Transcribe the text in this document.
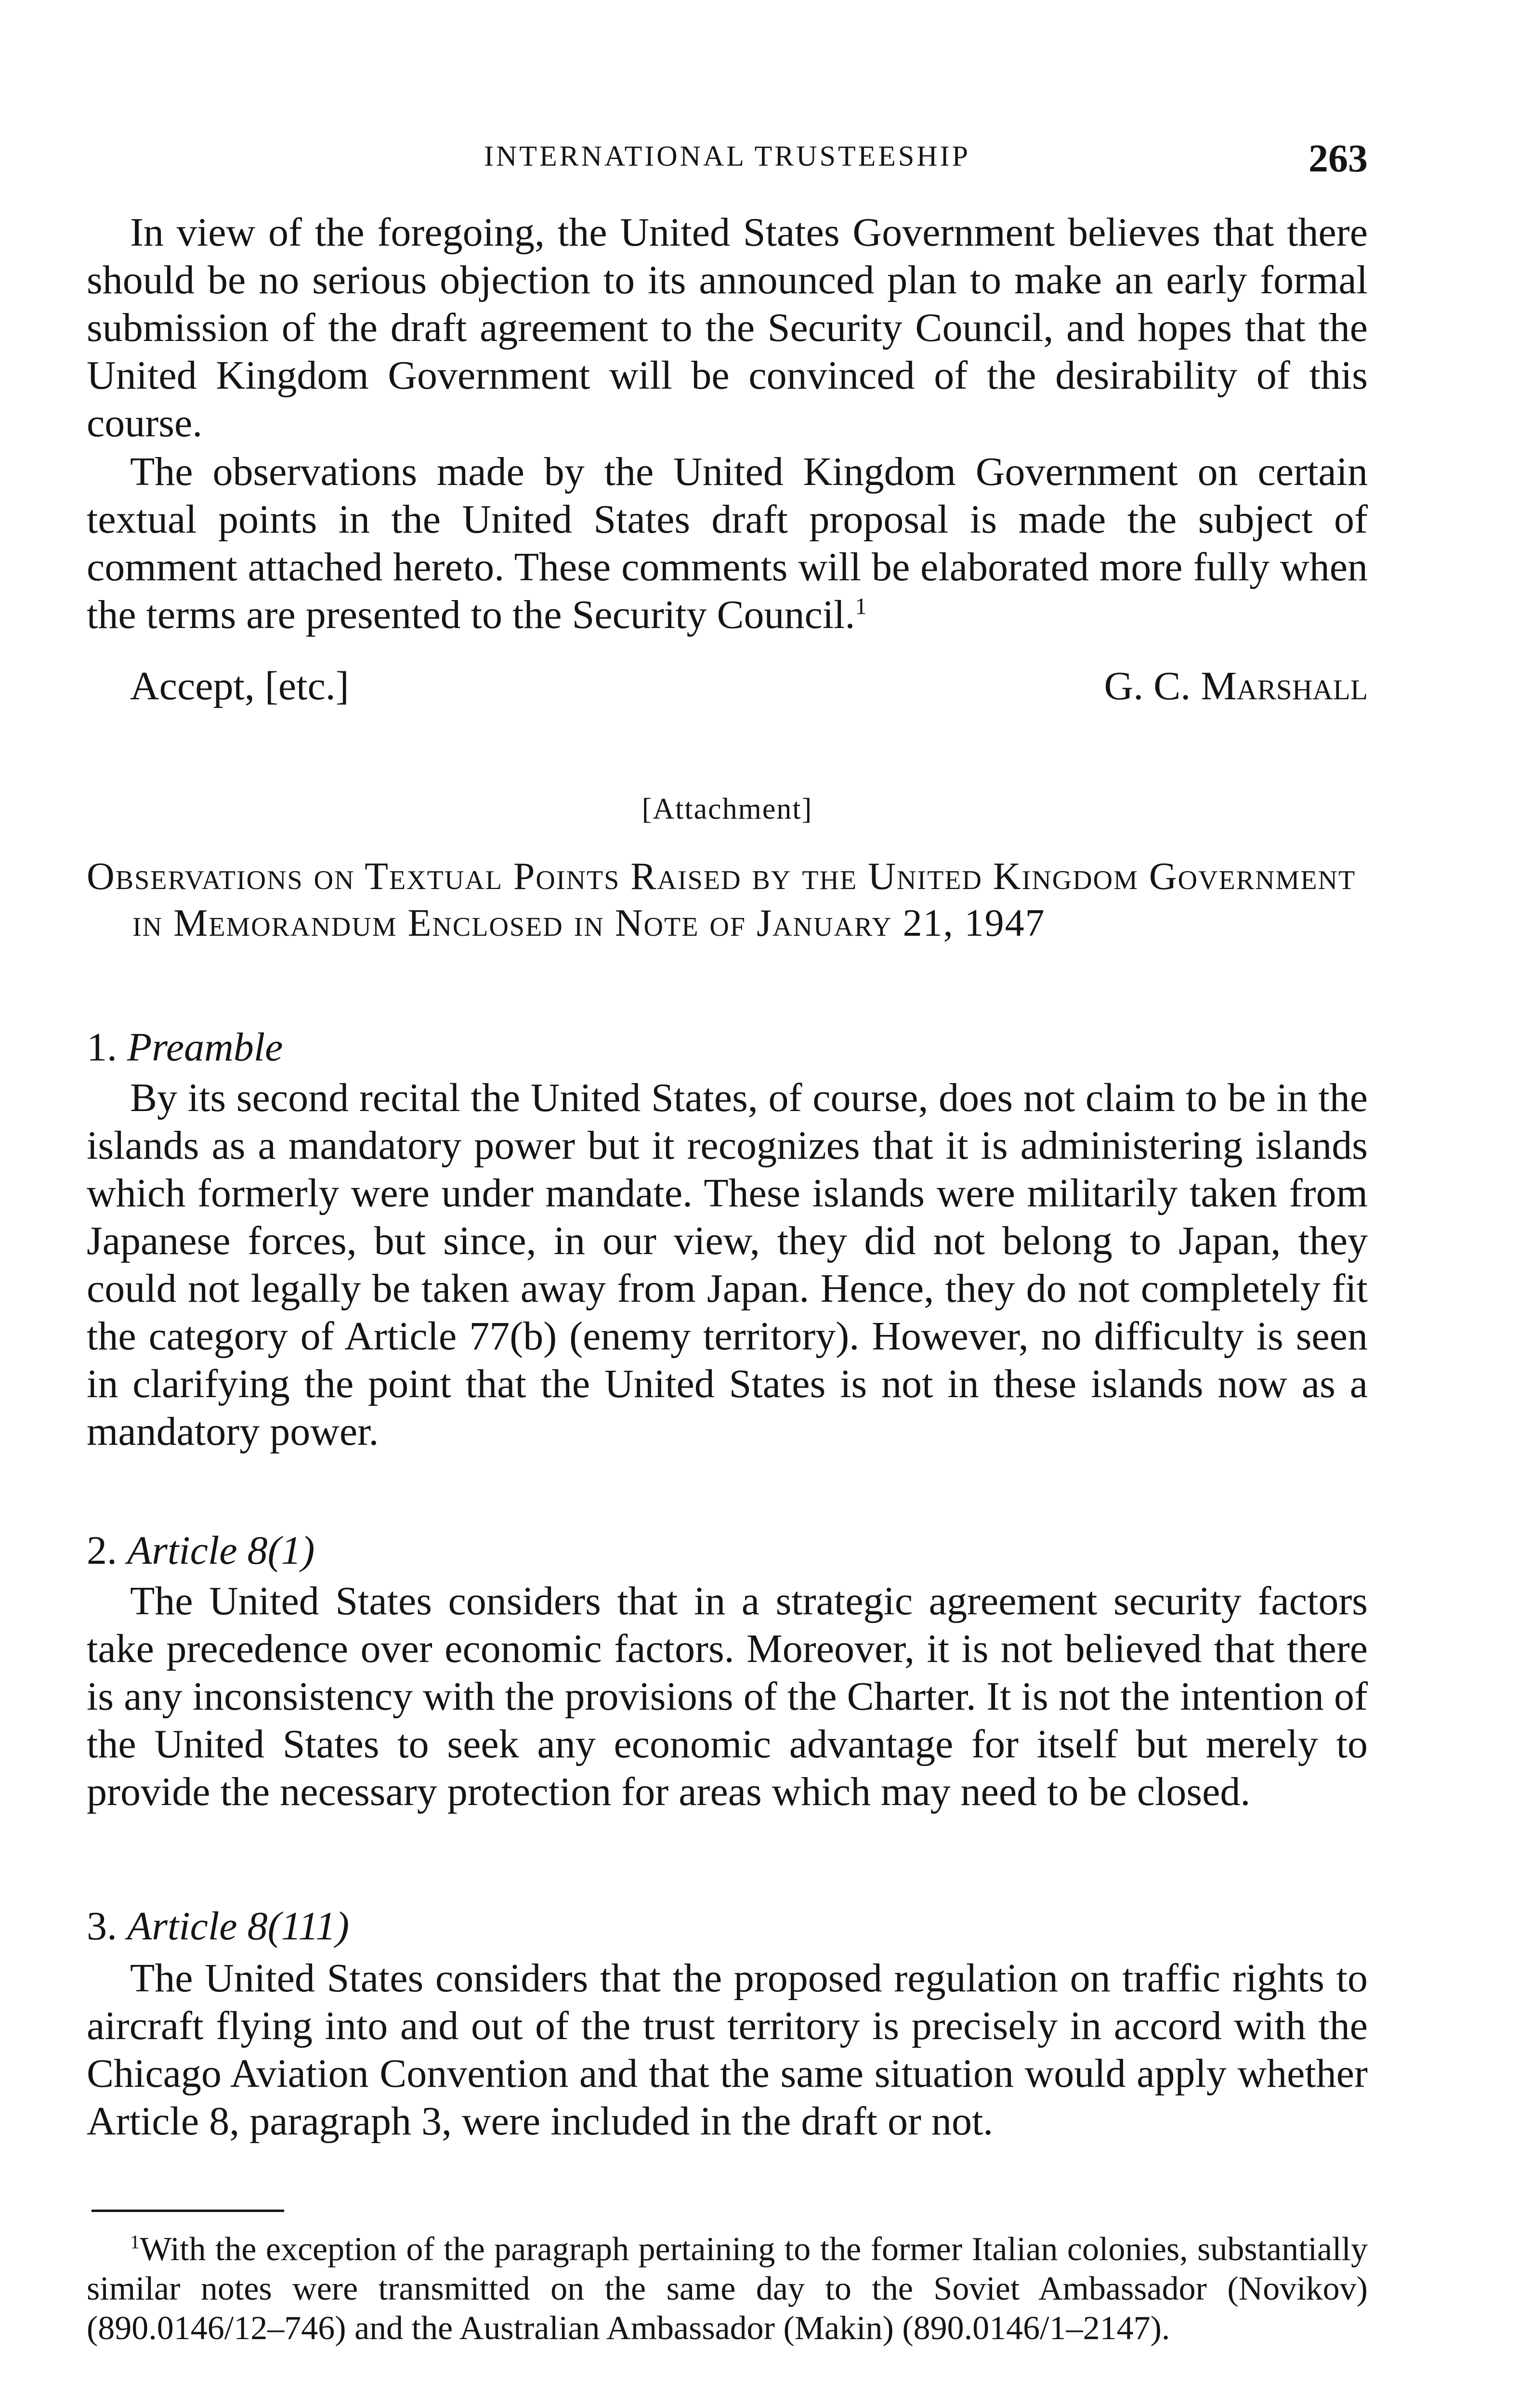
INTERNATIONAL TRUSTEESHIP	263

In view of the foregoing, the United States Government believes that there should be no serious objection to its announced plan to make an early formal submission of the draft agreement to the Security Council, and hopes that the United Kingdom Government will be convinced of the desirability of this course.

The observations made by the United Kingdom Government on certain textual points in the United States draft proposal is made the subject of comment attached hereto. These comments will be elaborated more fully when the terms are presented to the Security Council.$^1$

Accept, [etc.]	G. C. Marshall
[Attachment]
Observations on Textual Points Raised by the United Kingdom Government in Memorandum Enclosed in Note of January 21, 1947
1. Preamble

By its second recital the United States, of course, does not claim to be in the islands as a mandatory power but it recognizes that it is administering islands which formerly were under mandate. These islands were militarily taken from Japanese forces, but since, in our view, they did not belong to Japan, they could not legally be taken away from Japan. Hence, they do not completely fit the category of Article 77(b) (enemy territory). However, no difficulty is seen in clarifying the point that the United States is not in these islands now as a mandatory power.

2. Article 8(1)

The United States considers that in a strategic agreement security factors take precedence over economic factors. Moreover, it is not believed that there is any inconsistency with the provisions of the Charter. It is not the intention of the United States to seek any economic advantage for itself but merely to provide the necessary protection for areas which may need to be closed.

3. Article 8(111)

The United States considers that the proposed regulation on traffic rights to aircraft flying into and out of the trust territory is precisely in accord with the Chicago Aviation Convention and that the same situation would apply whether Article 8, paragraph 3, were included in the draft or not.

$^1$With the exception of the paragraph pertaining to the former Italian colonies, substantially similar notes were transmitted on the same day to the Soviet Ambassador (Novikov) (890.0146/12–746) and the Australian Ambassador (Makin) (890.0146/1–2147).
